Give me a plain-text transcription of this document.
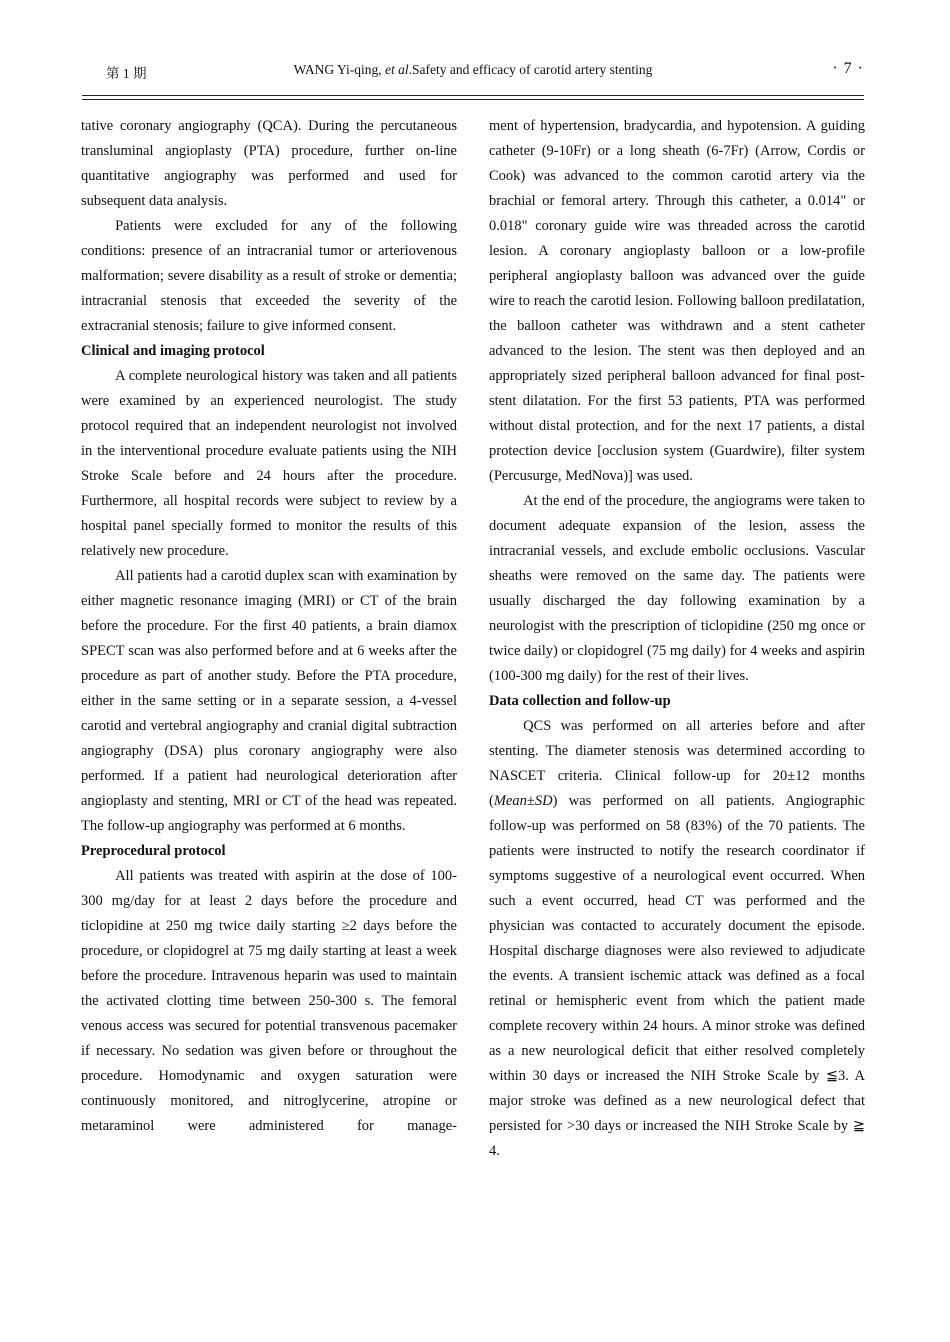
第 1 期	WANG Yi-qing, et al.Safety and efficacy of carotid artery stenting	· 7 ·

tative coronary angiography (QCA). During the percutaneous transluminal angioplasty (PTA) procedure, further on-line quantitative angiography was performed and used for subsequent data analysis.

Patients were excluded for any of the following conditions: presence of an intracranial tumor or arteriovenous malformation; severe disability as a result of stroke or dementia; intracranial stenosis that exceeded the severity of the extracranial stenosis; failure to give informed consent.

Clinical and imaging protocol

A complete neurological history was taken and all patients were examined by an experienced neurologist. The study protocol required that an independent neurologist not involved in the interventional procedure evaluate patients using the NIH Stroke Scale before and 24 hours after the procedure. Furthermore, all hospital records were subject to review by a hospital panel specially formed to monitor the results of this relatively new procedure.

All patients had a carotid duplex scan with examination by either magnetic resonance imaging (MRI) or CT of the brain before the procedure. For the first 40 patients, a brain diamox SPECT scan was also performed before and at 6 weeks after the procedure as part of another study. Before the PTA procedure, either in the same setting or in a separate session, a 4-vessel carotid and vertebral angiography and cranial digital subtraction angiography (DSA) plus coronary angiography were also performed. If a patient had neurological deterioration after angioplasty and stenting, MRI or CT of the head was repeated. The follow-up angiography was performed at 6 months.

Preprocedural protocol

All patients was treated with aspirin at the dose of 100-300 mg/day for at least 2 days before the procedure and ticlopidine at 250 mg twice daily starting ≥2 days before the procedure, or clopidogrel at 75 mg daily starting at least a week before the procedure. Intravenous heparin was used to maintain the activated clotting time between 250-300 s. The femoral venous access was secured for potential transvenous pacemaker if necessary. No sedation was given before or throughout the procedure. Homodynamic and oxygen saturation were continuously monitored, and nitroglycerine, atropine or metaraminol were administered for manage-

ment of hypertension, bradycardia, and hypotension. A guiding catheter (9-10Fr) or a long sheath (6-7Fr) (Arrow, Cordis or Cook) was advanced to the common carotid artery via the brachial or femoral artery. Through this catheter, a 0.014" or 0.018" coronary guide wire was threaded across the carotid lesion. A coronary angioplasty balloon or a low-profile peripheral angioplasty balloon was advanced over the guide wire to reach the carotid lesion. Following balloon predilatation, the balloon catheter was withdrawn and a stent catheter advanced to the lesion. The stent was then deployed and an appropriately sized peripheral balloon advanced for final post-stent dilatation. For the first 53 patients, PTA was performed without distal protection, and for the next 17 patients, a distal protection device [occlusion system (Guardwire), filter system (Percusurge, MedNova)] was used.

At the end of the procedure, the angiograms were taken to document adequate expansion of the lesion, assess the intracranial vessels, and exclude embolic occlusions. Vascular sheaths were removed on the same day. The patients were usually discharged the day following examination by a neurologist with the prescription of ticlopidine (250 mg once or twice daily) or clopidogrel (75 mg daily) for 4 weeks and aspirin (100-300 mg daily) for the rest of their lives.

Data collection and follow-up

QCS was performed on all arteries before and after stenting. The diameter stenosis was determined according to NASCET criteria. Clinical follow-up for 20±12 months (Mean±SD) was performed on all patients. Angiographic follow-up was performed on 58 (83%) of the 70 patients. The patients were instructed to notify the research coordinator if symptoms suggestive of a neurological event occurred. When such a event occurred, head CT was performed and the physician was contacted to accurately document the episode. Hospital discharge diagnoses were also reviewed to adjudicate the events. A transient ischemic attack was defined as a focal retinal or hemispheric event from which the patient made complete recovery within 24 hours. A minor stroke was defined as a new neurological deficit that either resolved completely within 30 days or increased the NIH Stroke Scale by ≦3. A major stroke was defined as a new neurological defect that persisted for >30 days or increased the NIH Stroke Scale by ≧ 4.
